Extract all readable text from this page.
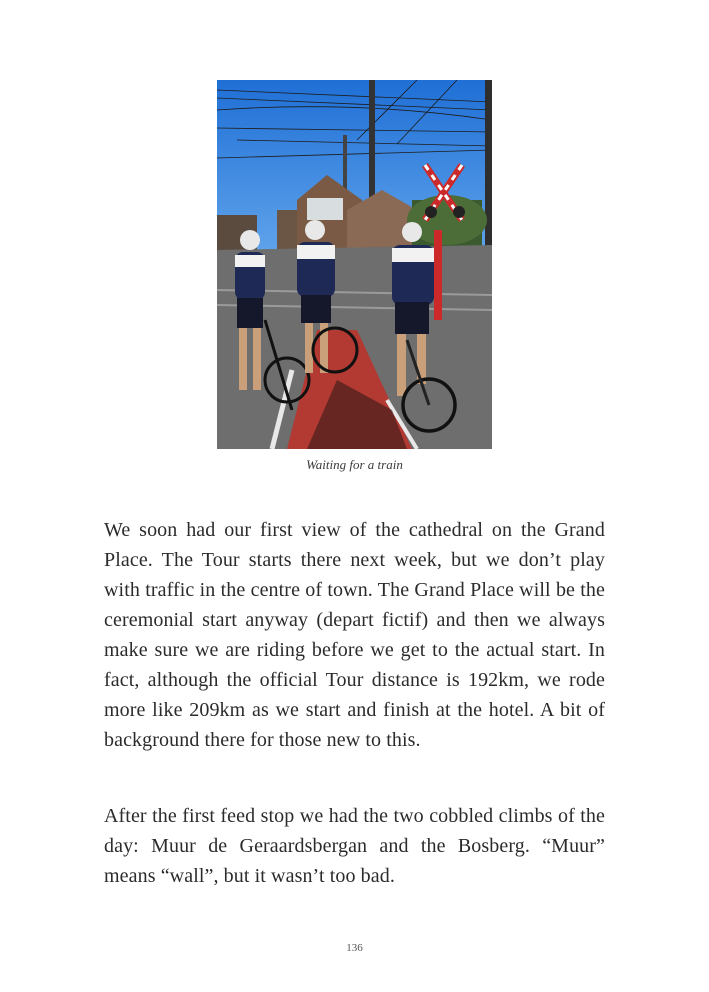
Waiting for a train

We soon had our first view of the cathedral on the Grand Place. The Tour starts there next week, but we don’t play with traffic in the centre of town. The Grand Place will be the ceremonial start anyway (depart fictif) and then we always make sure we are riding before we get to the actual start. In fact, although the official Tour distance is 192km, we rode more like 209km as we start and finish at the hotel. A bit of background there for those new to this.

After the first feed stop we had the two cobbled climbs of the day: Muur de Geraardsbergan and the Bosberg. “Muur” means “wall”, but it wasn’t too bad.

136
